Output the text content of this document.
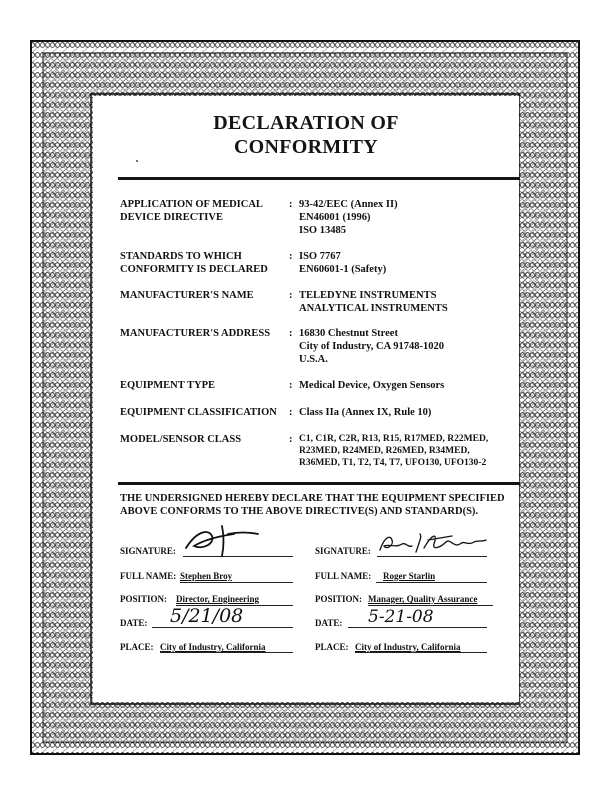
DECLARATION OF
CONFORMITY
APPLICATION OF MEDICAL DEVICE DIRECTIVE
: 93-42/EEC (Annex II)
EN46001 (1996)
ISO 13485
STANDARDS TO WHICH CONFORMITY IS DECLARED
: ISO 7767
EN60601-1 (Safety)
MANUFACTURER'S NAME	: TELEDYNE INSTRUMENTS
ANALYTICAL INSTRUMENTS
MANUFACTURER'S ADDRESS	: 16830 Chestnut Street
City of Industry, CA 91748-1020
U.S.A.
EQUIPMENT TYPE	: Medical Device, Oxygen Sensors
EQUIPMENT CLASSIFICATION	: Class IIa (Annex IX, Rule 10)
MODEL/SENSOR CLASS	: C1, C1R, C2R, R13, R15, R17MED, R22MED,
R23MED, R24MED, R26MED, R34MED,
R36MED, T1, T2, T4, T7, UFO130, UFO130-2
THE UNDERSIGNED HEREBY DECLARE THAT THE EQUIPMENT SPECIFIED ABOVE CONFORMS TO THE ABOVE DIRECTIVE(S) AND STANDARD(S).
SIGNATURE:
FULL NAME: Stephen Broy
POSITION: Director, Engineering
DATE: 5/21/08
PLACE: City of Industry, California
SIGNATURE:
FULL NAME: Roger Starlin
POSITION: Manager, Quality Assurance
DATE: 5-21-08
PLACE: City of Industry, California
